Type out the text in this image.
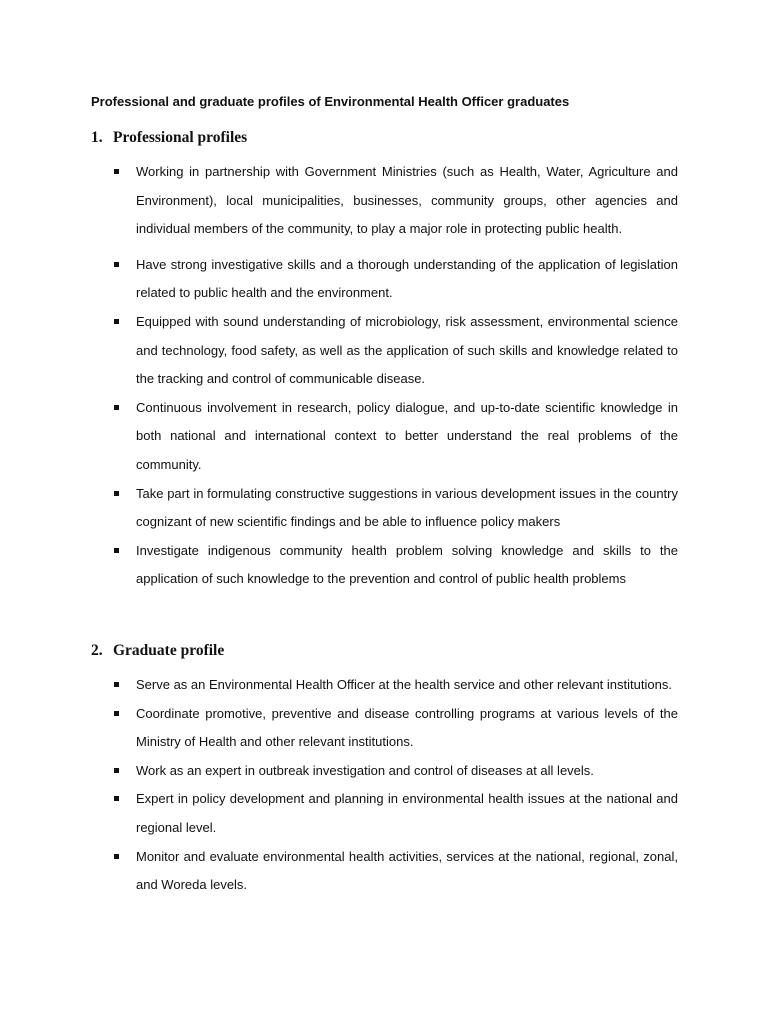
Professional and graduate profiles of Environmental Health Officer graduates

1. Professional profiles
Working in partnership with Government Ministries (such as Health, Water, Agriculture and Environment), local municipalities, businesses, community groups, other agencies and individual members of the community, to play a major role in protecting public health.
Have strong investigative skills and a thorough understanding of the application of legislation related to public health and the environment.
Equipped with sound understanding of microbiology, risk assessment, environmental science and technology, food safety, as well as the application of such skills and knowledge related to the tracking and control of communicable disease.
Continuous involvement in research, policy dialogue, and up-to-date scientific knowledge in both national and international context to better understand the real problems of the community.
Take part in formulating constructive suggestions in various development issues in the country cognizant of new scientific findings and be able to influence policy makers
Investigate indigenous community health problem solving knowledge and skills to the application of such knowledge to the prevention and control of public health problems
2. Graduate profile
Serve as an Environmental Health Officer at the health service and other relevant institutions.
Coordinate promotive, preventive and disease controlling programs at various levels of the Ministry of Health and other relevant institutions.
Work as an expert in outbreak investigation and control of diseases at all levels.
Expert in policy development and planning in environmental health issues at the national and regional level.
Monitor and evaluate environmental health activities, services at the national, regional, zonal, and Woreda levels.
